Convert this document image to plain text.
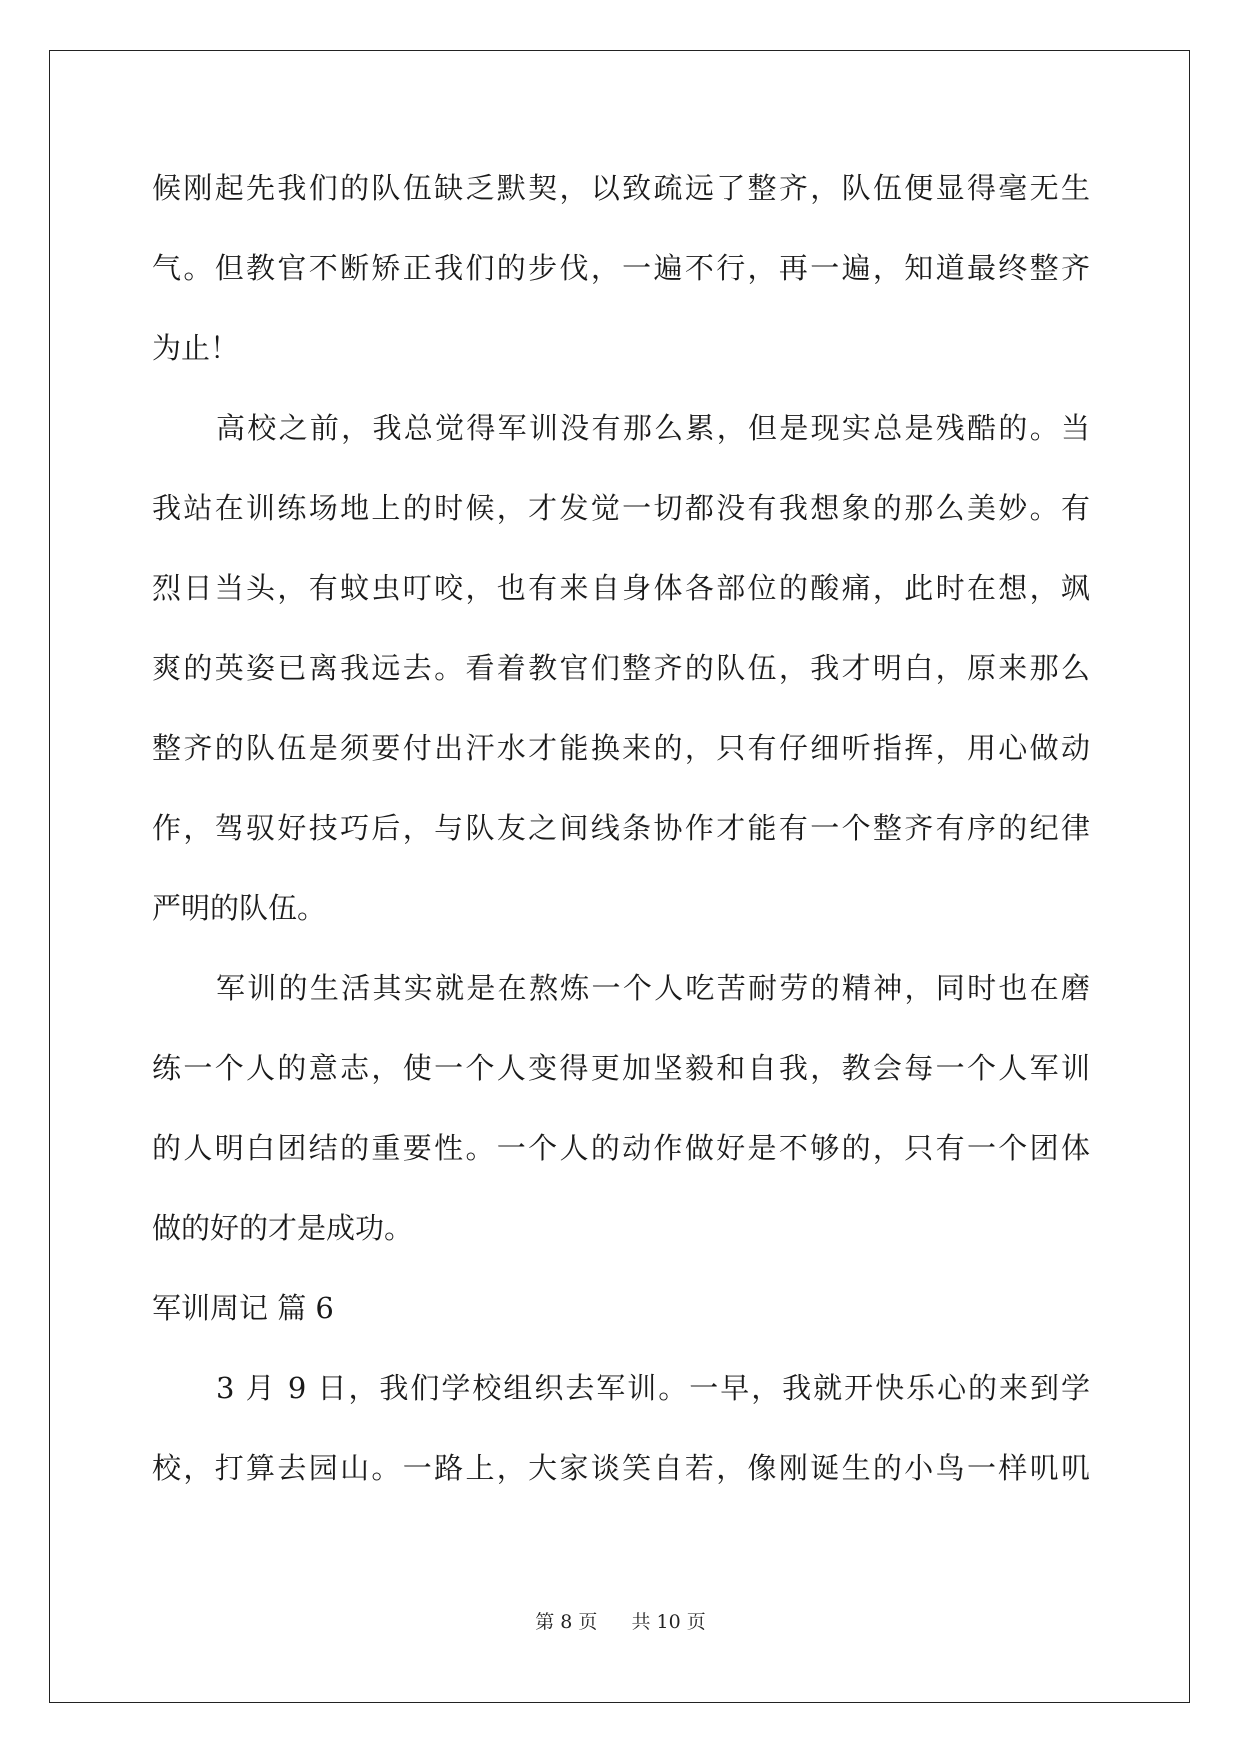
候刚起先我们的队伍缺乏默契，以致疏远了整齐，队伍便显得毫无生
气。但教官不断矫正我们的步伐，一遍不行，再一遍，知道最终整齐
为止！
高校之前，我总觉得军训没有那么累，但是现实总是残酷的。当
我站在训练场地上的时候，才发觉一切都没有我想象的那么美妙。有
烈日当头，有蚊虫叮咬，也有来自身体各部位的酸痛，此时在想，飒
爽的英姿已离我远去。看着教官们整齐的队伍，我才明白，原来那么
整齐的队伍是须要付出汗水才能换来的，只有仔细听指挥，用心做动
作，驾驭好技巧后，与队友之间线条协作才能有一个整齐有序的纪律
严明的队伍。
军训的生活其实就是在熬炼一个人吃苦耐劳的精神，同时也在磨
练一个人的意志，使一个人变得更加坚毅和自我，教会每一个人军训
的人明白团结的重要性。一个人的动作做好是不够的，只有一个团体
做的好的才是成功。
军训周记 篇 6
3 月 9 日，我们学校组织去军训。一早，我就开快乐心的来到学
校，打算去园山。一路上，大家谈笑自若，像刚诞生的小鸟一样叽叽
第 8 页 共 10 页
